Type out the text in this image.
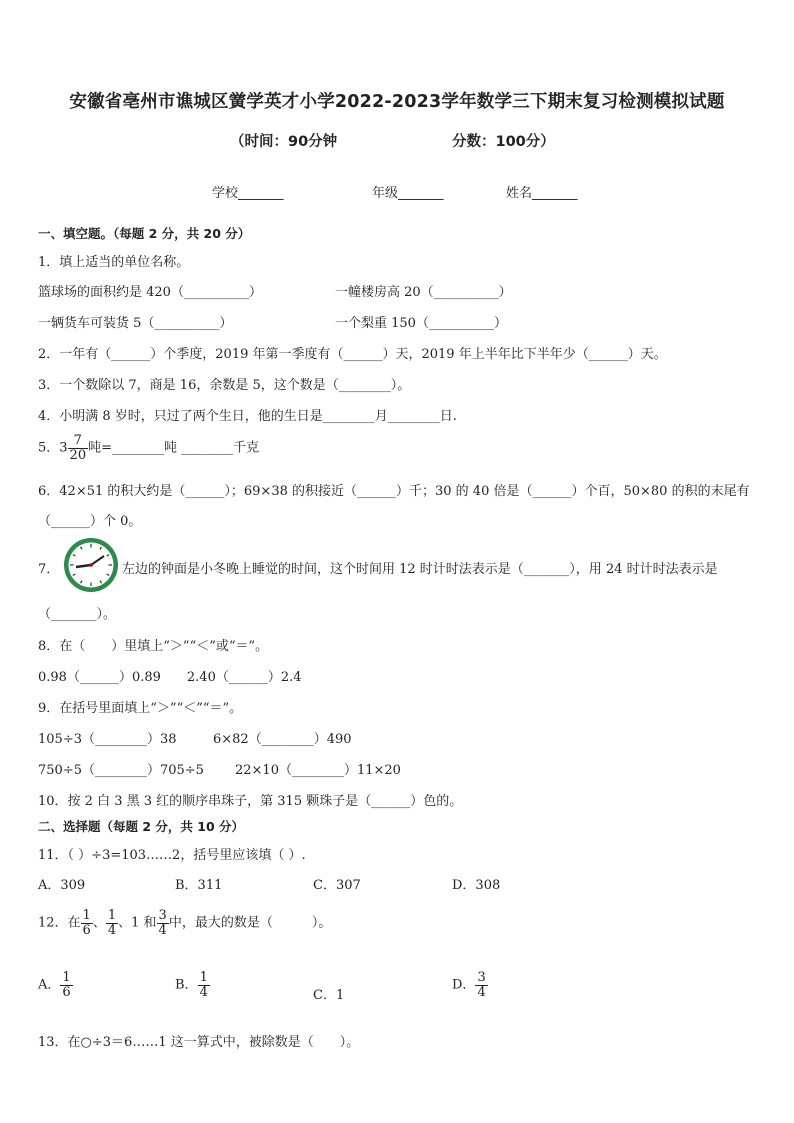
安徽省亳州市谯城区黉学英才小学2022-2023学年数学三下期末复习检测模拟试题
（时间：90分钟	分数：100分）
学校_______	年级_______	姓名_______
一、填空题。（每题 2 分，共 20 分）
1．填上适当的单位名称。
篮球场的面积约是 420（__________）	一幢楼房高 20（__________）
一辆货车可装货 5（__________）	一个梨重 150（__________）
2．一年有（______）个季度，2019 年第一季度有（______）天，2019 年上半年比下半年少（______）天。
3．一个数除以 7，商是 16，余数是 5，这个数是（________）。
4．小明满 8 岁时，只过了两个生日，他的生日是________月________日.
5．$3 \frac{7}{20}$ 吨=________吨 ________千克
6．42×51 的积大约是（______）；69×38 的积接近（______）千；30 的 40 倍是（______）个百，50×80 的积的末尾有
（______）个 0。
7．	左边的钟面是小冬晚上睡觉的时间，这个时间用 12 时计时法表示是（_______），用 24 时计时法表示是
（_______）。
8．在（　　）里填上“＞”“＜”或“＝”。
0.98（______）0.89　　2.40（______）2.4
9．在括号里面填上“＞”“＜”“＝”。
105÷3（________）38	6×82（________）490
750÷5（________）705÷5 22×10（________）11×20
10．按 2 白 3 黑 3 红的顺序串珠子，第 315 颗珠子是（______）色的。
二、选择题（每题 2 分，共 10 分）
11．（ ）÷3=103……2，括号里应该填（ ）.
A．309	B．311	C．307	D．308
12．在 $\frac{1}{6}$ 、 $\frac{1}{4}$ 、1 和 $\frac{3}{4}$ 中，最大的数是（　　　）。
A． $\frac{1}{6}$	B． $\frac{1}{4}$	C．1
D． $\frac{3}{4}$
13．在○÷3＝6……1 这一算式中，被除数是（　　）。
